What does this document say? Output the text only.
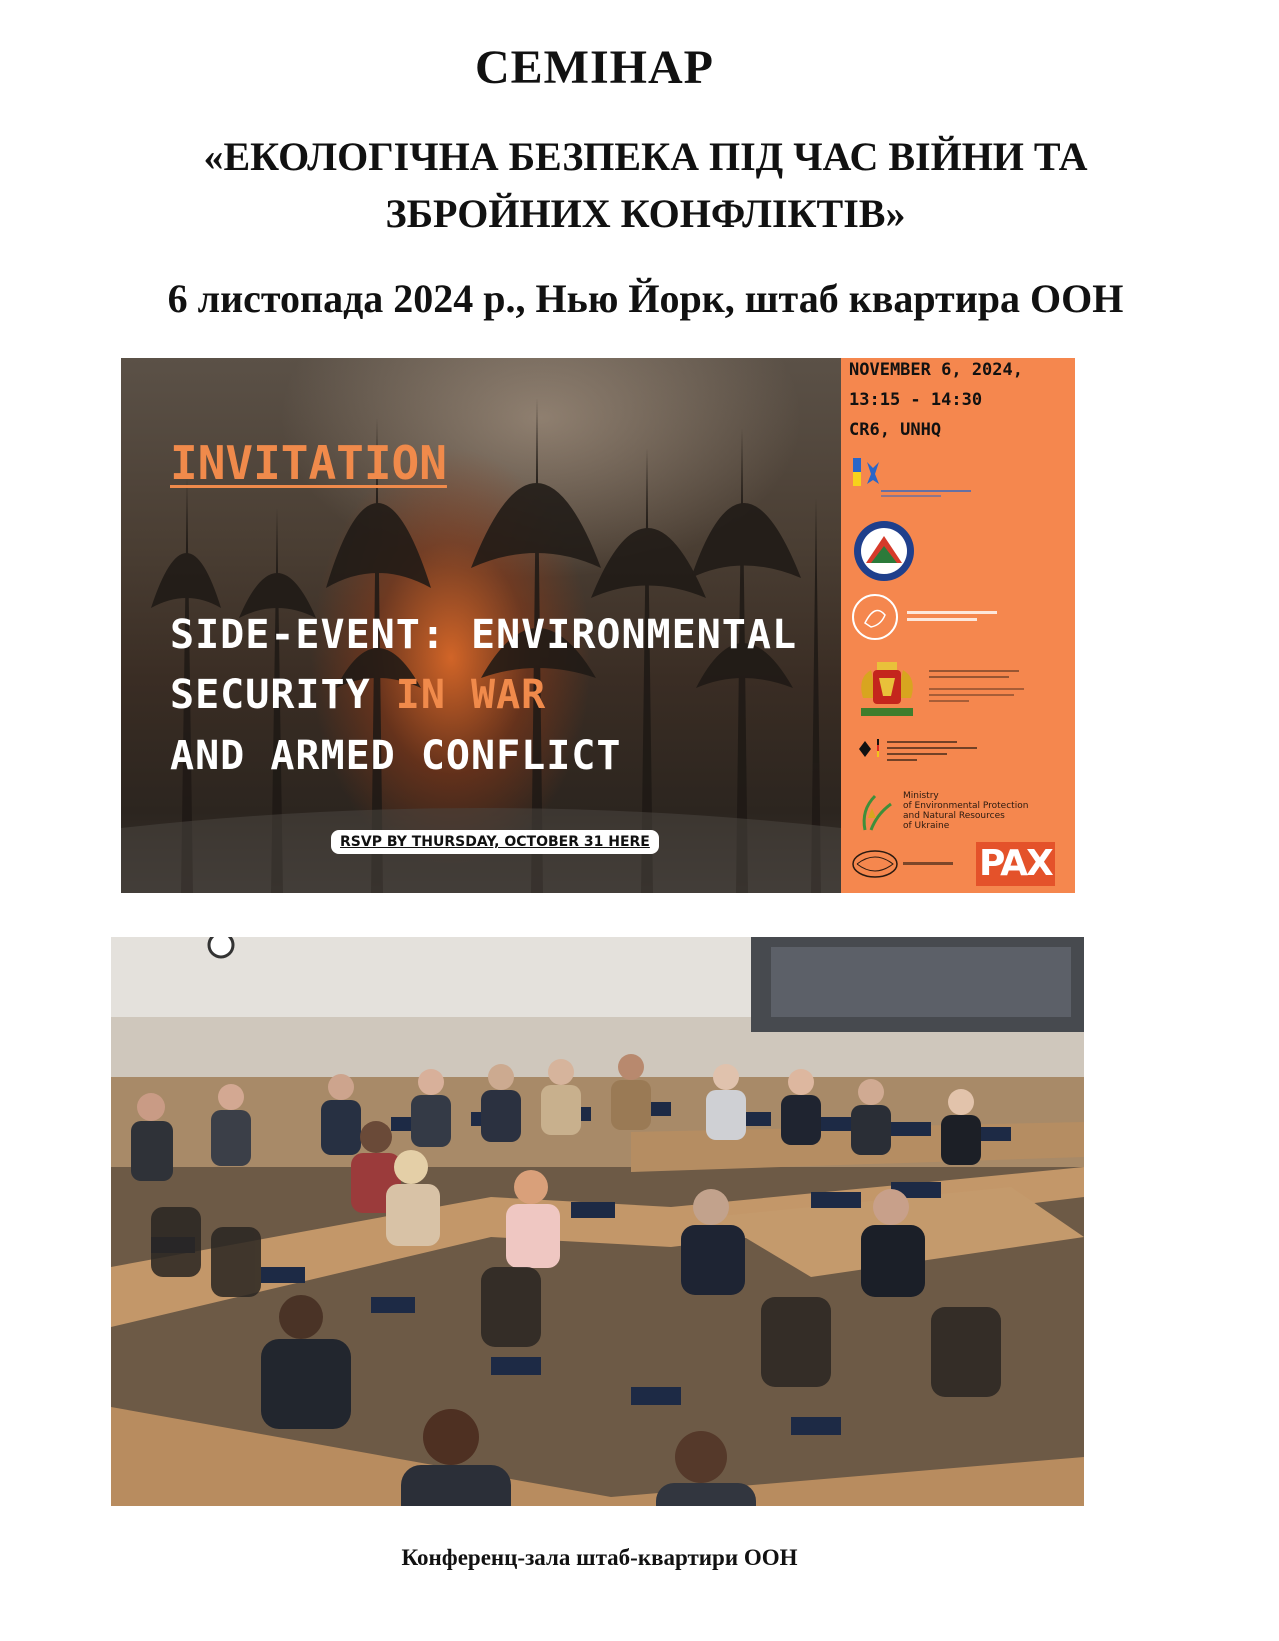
СЕМІНАР
«ЕКОЛОГІЧНА БЕЗПЕКА ПІД ЧАС ВІЙНИ ТА
ЗБРОЙНИХ КОНФЛІКТІВ»
6 листопада 2024 р., Нью Йорк, штаб квартира ООН
INVITATION
SIDE-EVENT: ENVIRONMENTAL
SECURITY IN WAR
AND ARMED CONFLICT
RSVP BY THURSDAY, OCTOBER 31 HERE
NOVEMBER 6, 2024,
13:15 - 14:30
CR6, UNHQ
Ministry
of Environmental Protection
and Natural Resources
of Ukraine
PAX

Конференц-зала штаб-квартири ООН
